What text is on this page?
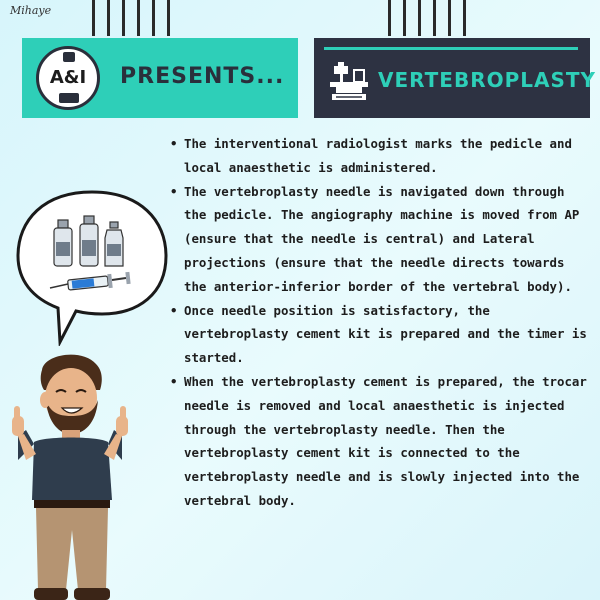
Mihaye
A&I	PRESENTS...	VERTEBROPLASTY
• The interventional radiologist marks the pedicle and local anaesthetic is administered.
• The vertebroplasty needle is navigated down through the pedicle. The angiography machine is moved from AP (ensure that the needle is central) and Lateral projections (ensure that the needle directs towards the anterior-inferior border of the vertebral body).
• Once needle position is satisfactory, the vertebroplasty cement kit is prepared and the timer is started.
• When the vertebroplasty cement is prepared, the trocar needle is removed and local anaesthetic is injected through the vertebroplasty needle. Then the vertebroplasty cement kit is connected to the vertebroplasty needle and is slowly injected into the vertebral body.
